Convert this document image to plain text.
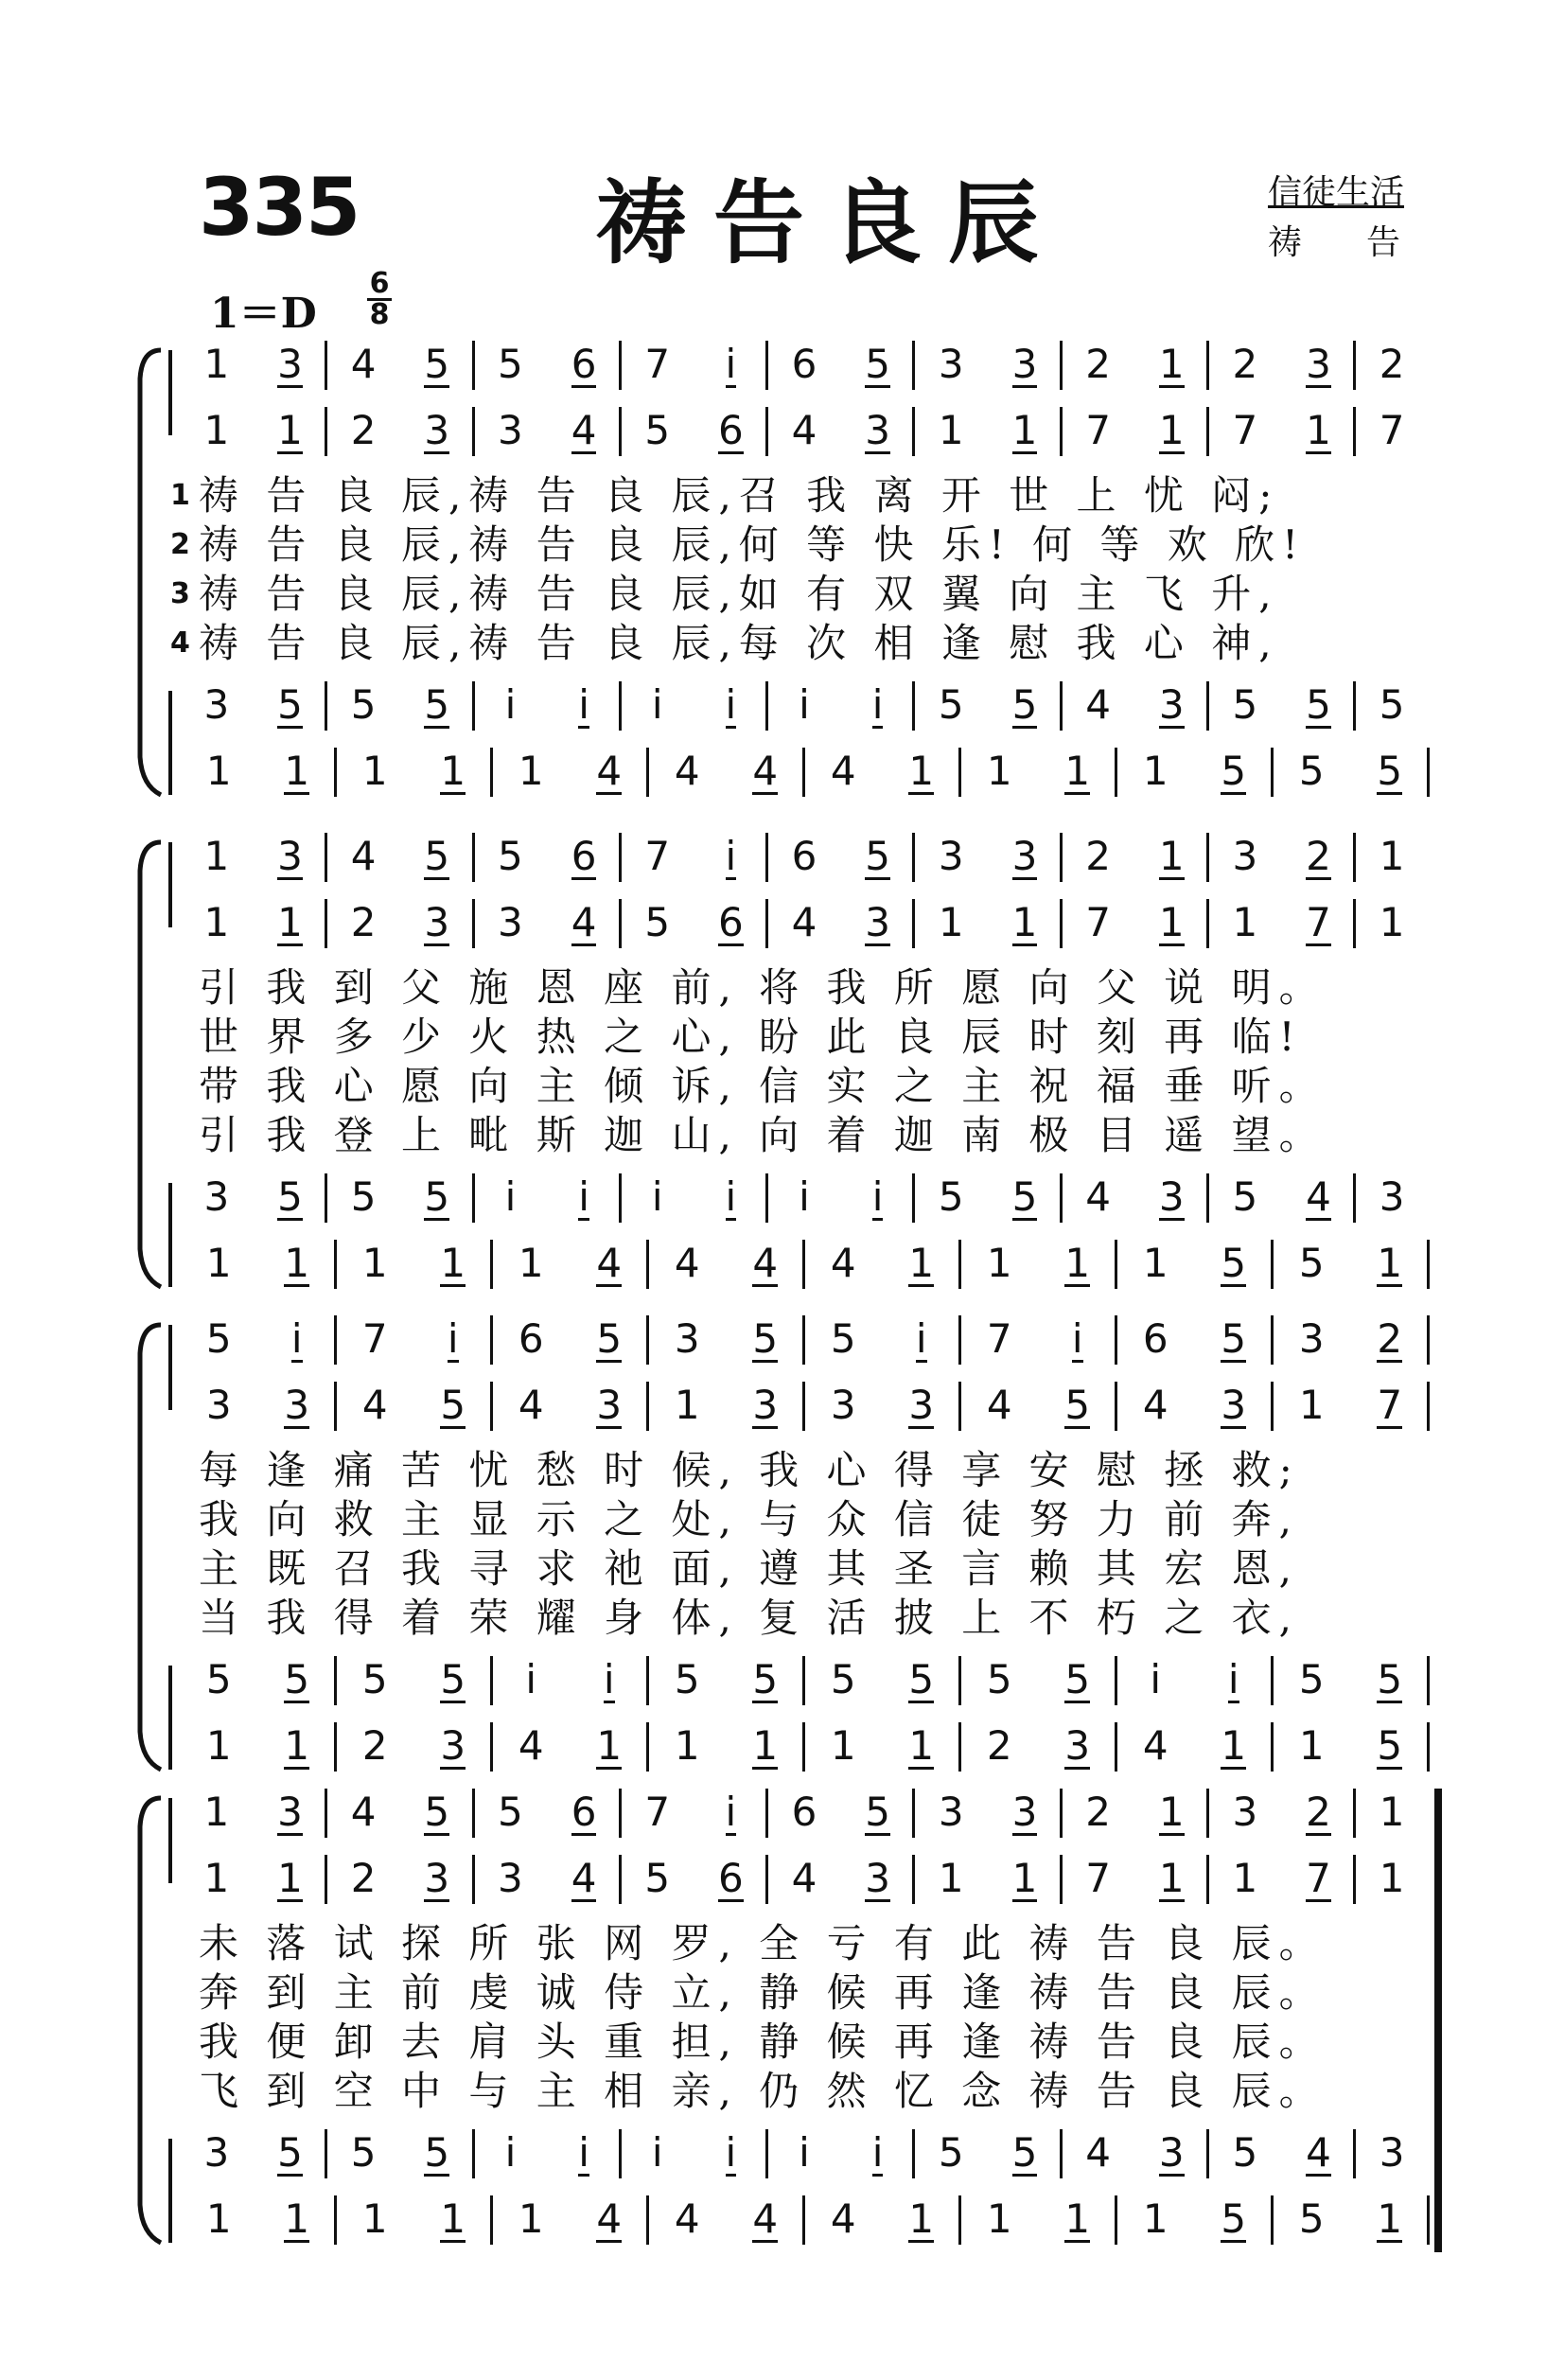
335	祷告良辰	信徒生活
祷 告
1＝D
6
8
1	3	4	5	5	6	7	i	6	5	3	3	2	1	2	3	2
1	1	2	3	3	4	5	6	4	3	1	1	7	1	7	1	7
3	5	5	5	i	i	i	i	i	i	5	5	4	3	5	5	5
1	1	1	1	1	4	4	4	4	1	1	1	1	5	5	5
1 祷 告 良 辰,祷 告 良 辰,召 我 离 开 世 上 忧 闷;
2 祷 告 良 辰,祷 告 良 辰,何 等 快 乐! 何 等 欢 欣!
3 祷 告 良 辰,祷 告 良 辰,如 有 双 翼 向 主 飞 升,
4 祷 告 良 辰,祷 告 良 辰,每 次 相 逢 慰 我 心 神,
1	3	4	5	5	6	7	i	6	5	3	3	2	1	3	2	1
1	1	2	3	3	4	5	6	4	3	1	1	7	1	1	7	1
3	5	5	5	i	i	i	i	i	i	5	5	4	3	5	4	3
1	1	1	1	1	4	4	4	4	1	1	1	1	5	5	1
引 我 到 父 施 恩 座 前, 将 我 所 愿 向 父 说 明。
世 界 多 少 火 热 之 心, 盼 此 良 辰 时 刻 再 临!
带 我 心 愿 向 主 倾 诉, 信 实 之 主 祝 福 垂 听。
引 我 登 上 毗 斯 迦 山, 向 着 迦 南 极 目 遥 望。
5	i	7	i	6	5	3	5	5	i	7	i	6	5	3	2
3	3	4	5	4	3	1	3	3	3	4	5	4	3	1	7
5	5	5	5	i	i	5	5	5	5	5	5	i	i	5	5
1	1	2	3	4	1	1	1	1	1	2	3	4	1	1	5
每 逢 痛 苦 忧 愁 时 候, 我 心 得 享 安 慰 拯 救;
我 向 救 主 显 示 之 处, 与 众 信 徒 努 力 前 奔,
主 既 召 我 寻 求 祂 面, 遵 其 圣 言 赖 其 宏 恩,
当 我 得 着 荣 耀 身 体, 复 活 披 上 不 朽 之 衣,
1	3	4	5	5	6	7	i	6	5	3	3	2	1	3	2	1
1	1	2	3	3	4	5	6	4	3	1	1	7	1	1	7	1
3	5	5	5	i	i	i	i	i	i	5	5	4	3	5	4	3
1	1	1	1	1	4	4	4	4	1	1	1	1	5	5	1
未 落 试 探 所 张 网 罗, 全 亏 有 此 祷 告 良 辰。
奔 到 主 前 虔 诚 侍 立, 静 候 再 逢 祷 告 良 辰。
我 便 卸 去 肩 头 重 担, 静 候 再 逢 祷 告 良 辰。
飞 到 空 中 与 主 相 亲, 仍 然 忆 念 祷 告 良 辰。
